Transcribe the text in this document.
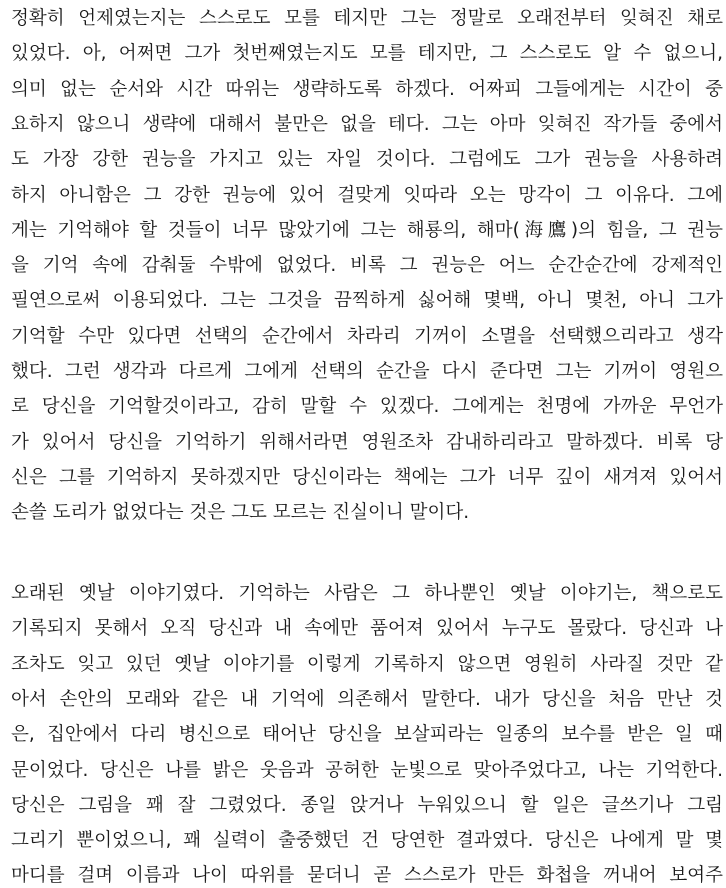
정확히 언제였는지는 스스로도 모를 테지만 그는 정말로 오래전부터 잊혀진 채로
있었다. 아, 어쩌면 그가 첫번째였는지도 모를 테지만, 그 스스로도 알 수 없으니,
의미 없는 순서와 시간 따위는 생략하도록 하겠다. 어짜피 그들에게는 시간이 중
요하지 않으니 생략에 대해서 불만은 없을 테다. 그는 아마 잊혀진 작가들 중에서
도 가장 강한 권능을 가지고 있는 자일 것이다. 그럼에도 그가 권능을 사용하려
하지 아니함은 그 강한 권능에 있어 걸맞게 잇따라 오는 망각이 그 이유다. 그에
게는 기억해야 할 것들이 너무 많았기에 그는 해룡의, 해마(海鷹)의 힘을, 그 권능
을 기억 속에 감춰둘 수밖에 없었다. 비록 그 권능은 어느 순간순간에 강제적인
필연으로써 이용되었다. 그는 그것을 끔찍하게 싫어해 몇백, 아니 몇천, 아니 그가
기억할 수만 있다면 선택의 순간에서 차라리 기꺼이 소멸을 선택했으리라고 생각
했다. 그런 생각과 다르게 그에게 선택의 순간을 다시 준다면 그는 기꺼이 영원으
로 당신을 기억할것이라고, 감히 말할 수 있겠다. 그에게는 천명에 가까운 무언가
가 있어서 당신을 기억하기 위해서라면 영원조차 감내하리라고 말하겠다. 비록 당
신은 그를 기억하지 못하겠지만 당신이라는 책에는 그가 너무 깊이 새겨져 있어서
손쓸 도리가 없었다는 것은 그도 모르는 진실이니 말이다.
오래된 옛날 이야기였다. 기억하는 사람은 그 하나뿐인 옛날 이야기는, 책으로도
기록되지 못해서 오직 당신과 내 속에만 품어져 있어서 누구도 몰랐다. 당신과 나
조차도 잊고 있던 옛날 이야기를 이렇게 기록하지 않으면 영원히 사라질 것만 같
아서 손안의 모래와 같은 내 기억에 의존해서 말한다. 내가 당신을 처음 만난 것
은, 집안에서 다리 병신으로 태어난 당신을 보살피라는 일종의 보수를 받은 일 때
문이었다. 당신은 나를 밝은 웃음과 공허한 눈빛으로 맞아주었다고, 나는 기억한다.
당신은 그림을 꽤 잘 그렸었다. 종일 앉거나 누워있으니 할 일은 글쓰기나 그림
그리기 뿐이었으니, 꽤 실력이 출중했던 건 당연한 결과였다. 당신은 나에게 말 몇
마디를 걸며 이름과 나이 따위를 묻더니 곧 스스로가 만든 화첩을 꺼내어 보여주
